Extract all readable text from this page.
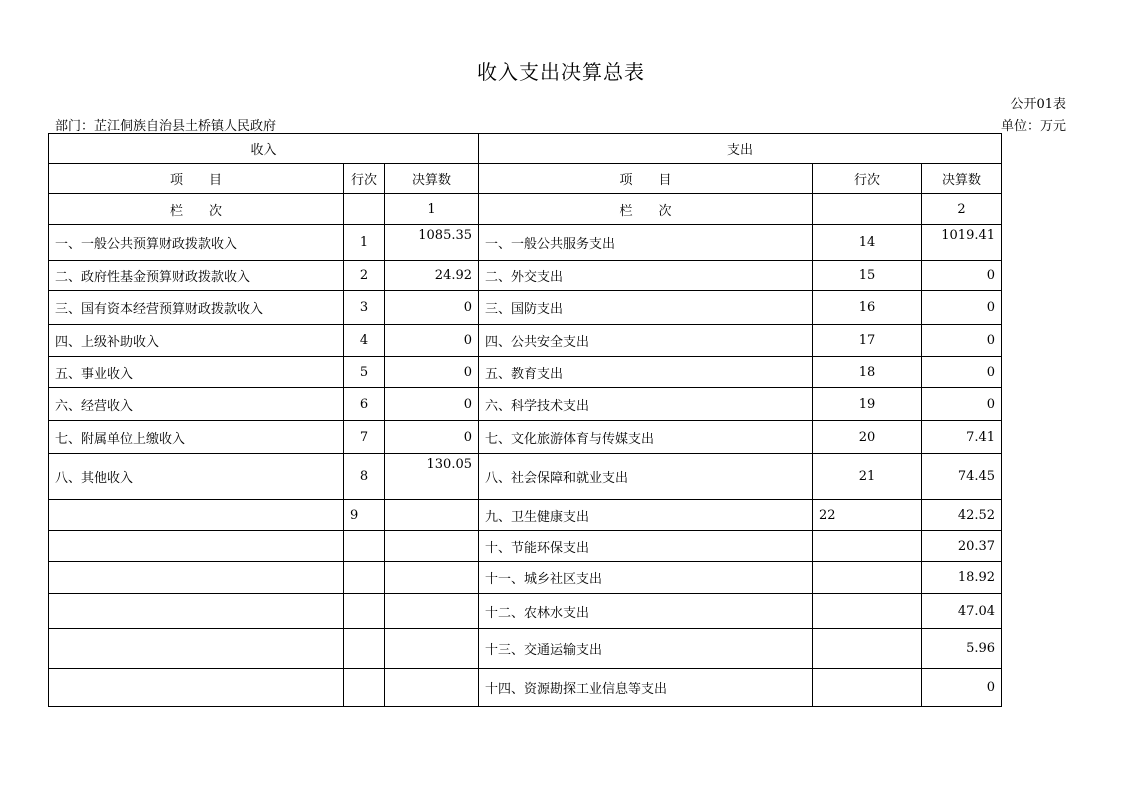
收入支出决算总表
公开01表
部门：芷江侗族自治县土桥镇人民政府	单位：万元
收入			支出		
项　　目	行次	决算数	项　　目	行次	决算数
栏　　次		1	栏　　次		2
一、一般公共预算财政拨款收入	1	1085.35	一、一般公共服务支出	14	1019.41
二、政府性基金预算财政拨款收入	2	24.92	二、外交支出	15	0
三、国有资本经营预算财政拨款收入	3	0	三、国防支出	16	0
四、上级补助收入	4	0	四、公共安全支出	17	0
五、事业收入	5	0	五、教育支出	18	0
六、经营收入	6	0	六、科学技术支出	19	0
七、附属单位上缴收入	7	0	七、文化旅游体育与传媒支出	20	7.41
八、其他收入	8	130.05	八、社会保障和就业支出	21	74.45
	9		九、卫生健康支出	22	42.52
			十、节能环保支出		20.37
			十一、城乡社区支出		18.92
			十二、农林水支出		47.04
			十三、交通运输支出		5.96
			十四、资源勘探工业信息等支出		0
